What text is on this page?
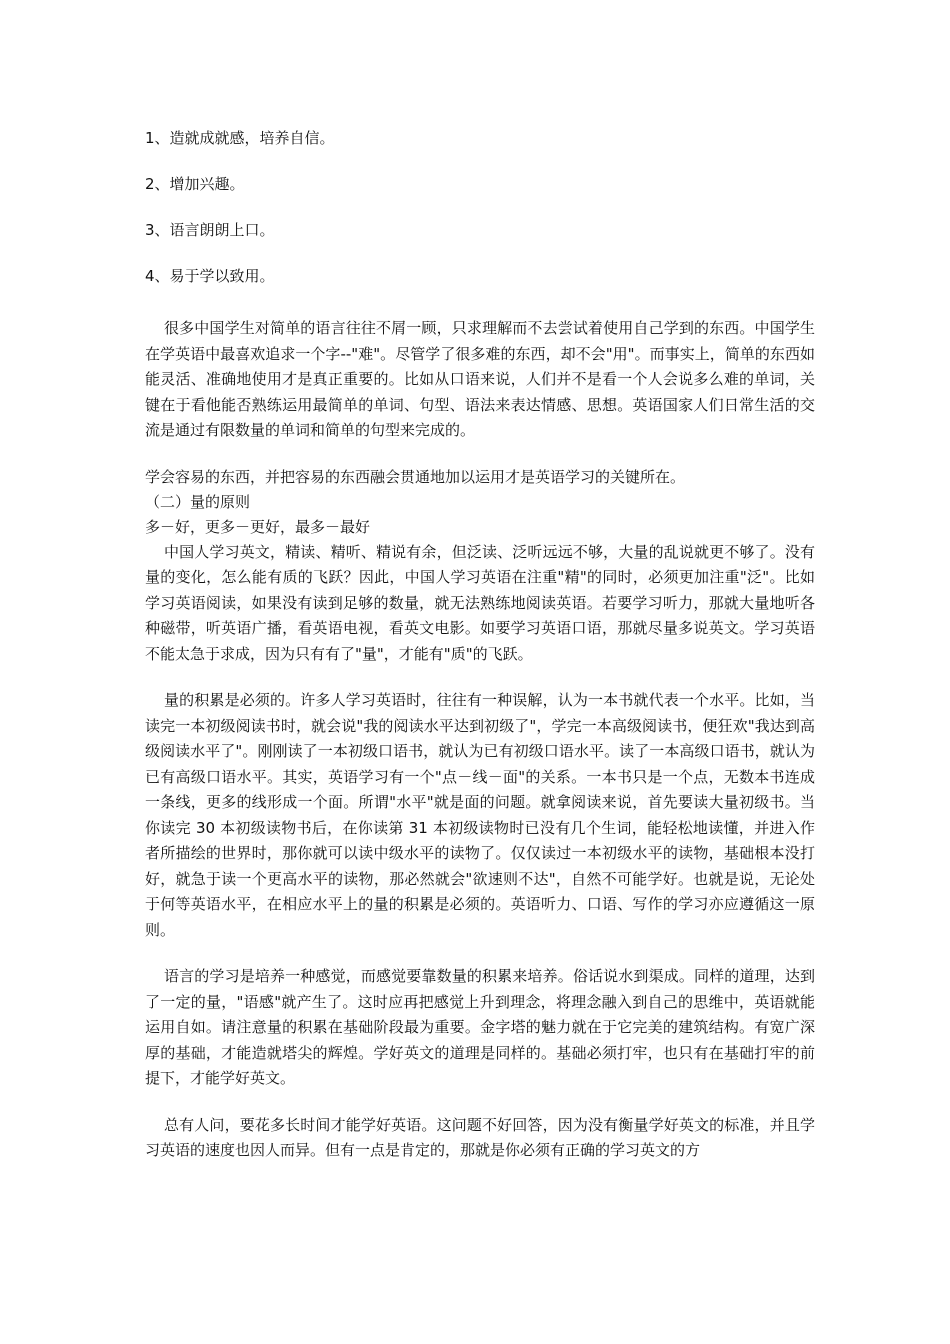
1、造就成就感，培养自信。

2、增加兴趣。

3、语言朗朗上口。

4、易于学以致用。

很多中国学生对简单的语言往往不屑一顾，只求理解而不去尝试着使用自己学到的东西。中国学生在学英语中最喜欢追求一个字--"难"。尽管学了很多难的东西，却不会"用"。而事实上，简单的东西如能灵活、准确地使用才是真正重要的。比如从口语来说，人们并不是看一个人会说多么难的单词，关键在于看他能否熟练运用最简单的单词、句型、语法来表达情感、思想。英语国家人们日常生活的交流是通过有限数量的单词和简单的句型来完成的。

学会容易的东西，并把容易的东西融会贯通地加以运用才是英语学习的关键所在。

（二）量的原则

多－好，更多－更好，最多－最好

中国人学习英文，精读、精听、精说有余，但泛读、泛听远远不够，大量的乱说就更不够了。没有量的变化，怎么能有质的飞跃？因此，中国人学习英语在注重"精"的同时，必须更加注重"泛"。比如学习英语阅读，如果没有读到足够的数量，就无法熟练地阅读英语。若要学习听力，那就大量地听各种磁带，听英语广播，看英语电视，看英文电影。如要学习英语口语，那就尽量多说英文。学习英语不能太急于求成，因为只有有了"量"，才能有"质"的飞跃。

量的积累是必须的。许多人学习英语时，往往有一种误解，认为一本书就代表一个水平。比如，当读完一本初级阅读书时，就会说"我的阅读水平达到初级了"，学完一本高级阅读书，便狂欢"我达到高级阅读水平了"。刚刚读了一本初级口语书，就认为已有初级口语水平。读了一本高级口语书，就认为已有高级口语水平。其实，英语学习有一个"点－线－面"的关系。一本书只是一个点，无数本书连成一条线，更多的线形成一个面。所谓"水平"就是面的问题。就拿阅读来说，首先要读大量初级书。当你读完 30 本初级读物书后，在你读第 31 本初级读物时已没有几个生词，能轻松地读懂，并进入作者所描绘的世界时，那你就可以读中级水平的读物了。仅仅读过一本初级水平的读物，基础根本没打好，就急于读一个更高水平的读物，那必然就会"欲速则不达"，自然不可能学好。也就是说，无论处于何等英语水平，在相应水平上的量的积累是必须的。英语听力、口语、写作的学习亦应遵循这一原则。

语言的学习是培养一种感觉，而感觉要靠数量的积累来培养。俗话说水到渠成。同样的道理，达到了一定的量，"语感"就产生了。这时应再把感觉上升到理念，将理念融入到自己的思维中，英语就能运用自如。请注意量的积累在基础阶段最为重要。金字塔的魅力就在于它完美的建筑结构。有宽广深厚的基础，才能造就塔尖的辉煌。学好英文的道理是同样的。基础必须打牢，也只有在基础打牢的前提下，才能学好英文。

总有人问，要花多长时间才能学好英语。这问题不好回答，因为没有衡量学好英文的标准，并且学习英语的速度也因人而异。但有一点是肯定的，那就是你必须有正确的学习英文的方
